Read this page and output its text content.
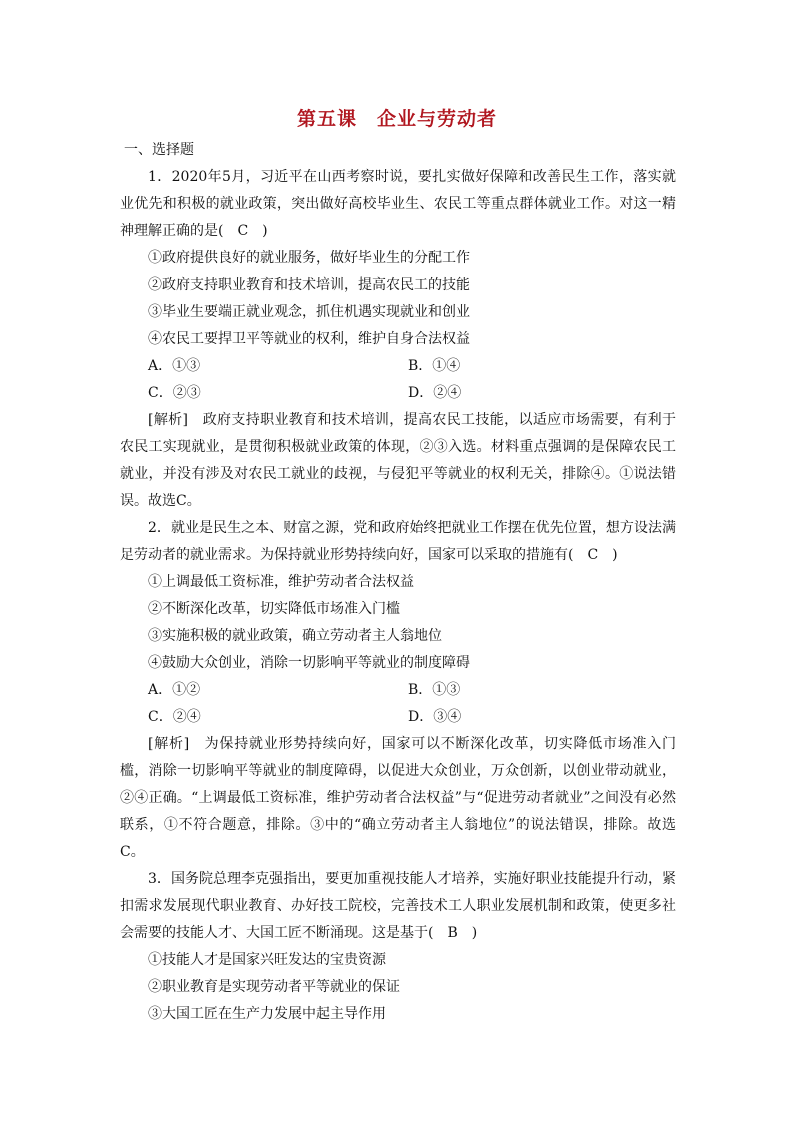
第五课　企业与劳动者

一、选择题

1．2020年5月，习近平在山西考察时说，要扎实做好保障和改善民生工作，落实就业优先和积极的就业政策，突出做好高校毕业生、农民工等重点群体就业工作。对这一精神理解正确的是(　C　)

①政府提供良好的就业服务，做好毕业生的分配工作

②政府支持职业教育和技术培训，提高农民工的技能

③毕业生要端正就业观念，抓住机遇实现就业和创业

④农民工要捍卫平等就业的权利，维护自身合法权益

A．①③	B．①④
C．②③	D．②④

[解析]　政府支持职业教育和技术培训，提高农民工技能，以适应市场需要，有利于农民工实现就业，是贯彻积极就业政策的体现，②③入选。材料重点强调的是保障农民工就业，并没有涉及对农民工就业的歧视，与侵犯平等就业的权利无关，排除④。①说法错误。故选C。

2．就业是民生之本、财富之源，党和政府始终把就业工作摆在优先位置，想方设法满足劳动者的就业需求。为保持就业形势持续向好，国家可以采取的措施有(　C　)

①上调最低工资标准，维护劳动者合法权益

②不断深化改革，切实降低市场准入门槛

③实施积极的就业政策，确立劳动者主人翁地位

④鼓励大众创业，消除一切影响平等就业的制度障碍

A．①②	B．①③
C．②④	D．③④

[解析]　为保持就业形势持续向好，国家可以不断深化改革，切实降低市场准入门槛，消除一切影响平等就业的制度障碍，以促进大众创业，万众创新，以创业带动就业，②④正确。“上调最低工资标准，维护劳动者合法权益”与“促进劳动者就业”之间没有必然联系，①不符合题意，排除。③中的“确立劳动者主人翁地位”的说法错误，排除。故选C。

3．国务院总理李克强指出，要更加重视技能人才培养，实施好职业技能提升行动，紧扣需求发展现代职业教育、办好技工院校，完善技术工人职业发展机制和政策，使更多社会需要的技能人才、大国工匠不断涌现。这是基于(　B　)

①技能人才是国家兴旺发达的宝贵资源

②职业教育是实现劳动者平等就业的保证

③大国工匠在生产力发展中起主导作用
